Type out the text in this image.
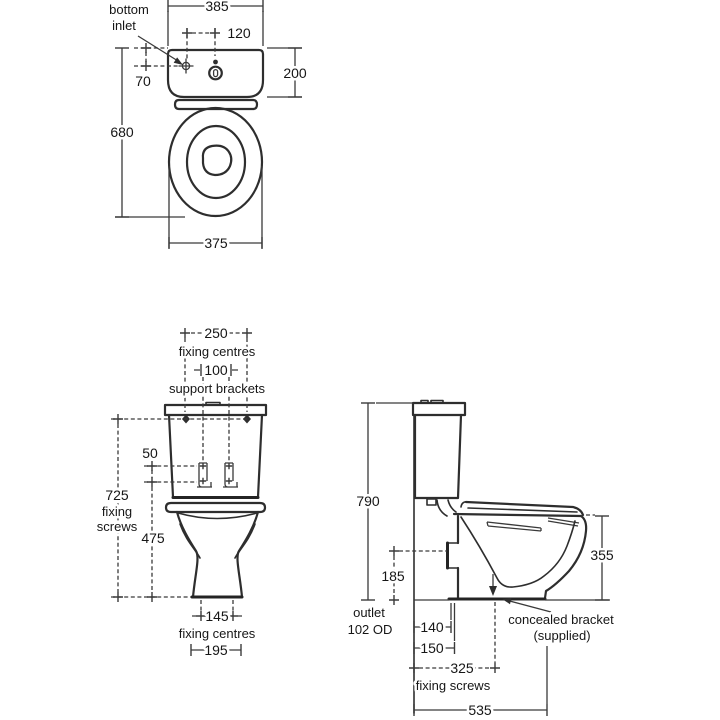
385
120
bottom
inlet
70
680
200
375
250
fixing centres
100
support brackets
50
725
fixing
screws
475
145
fixing centres
195
790
185
355
outlet
102 OD 140
150
325
fixing screws
concealed bracket
(supplied)
535
